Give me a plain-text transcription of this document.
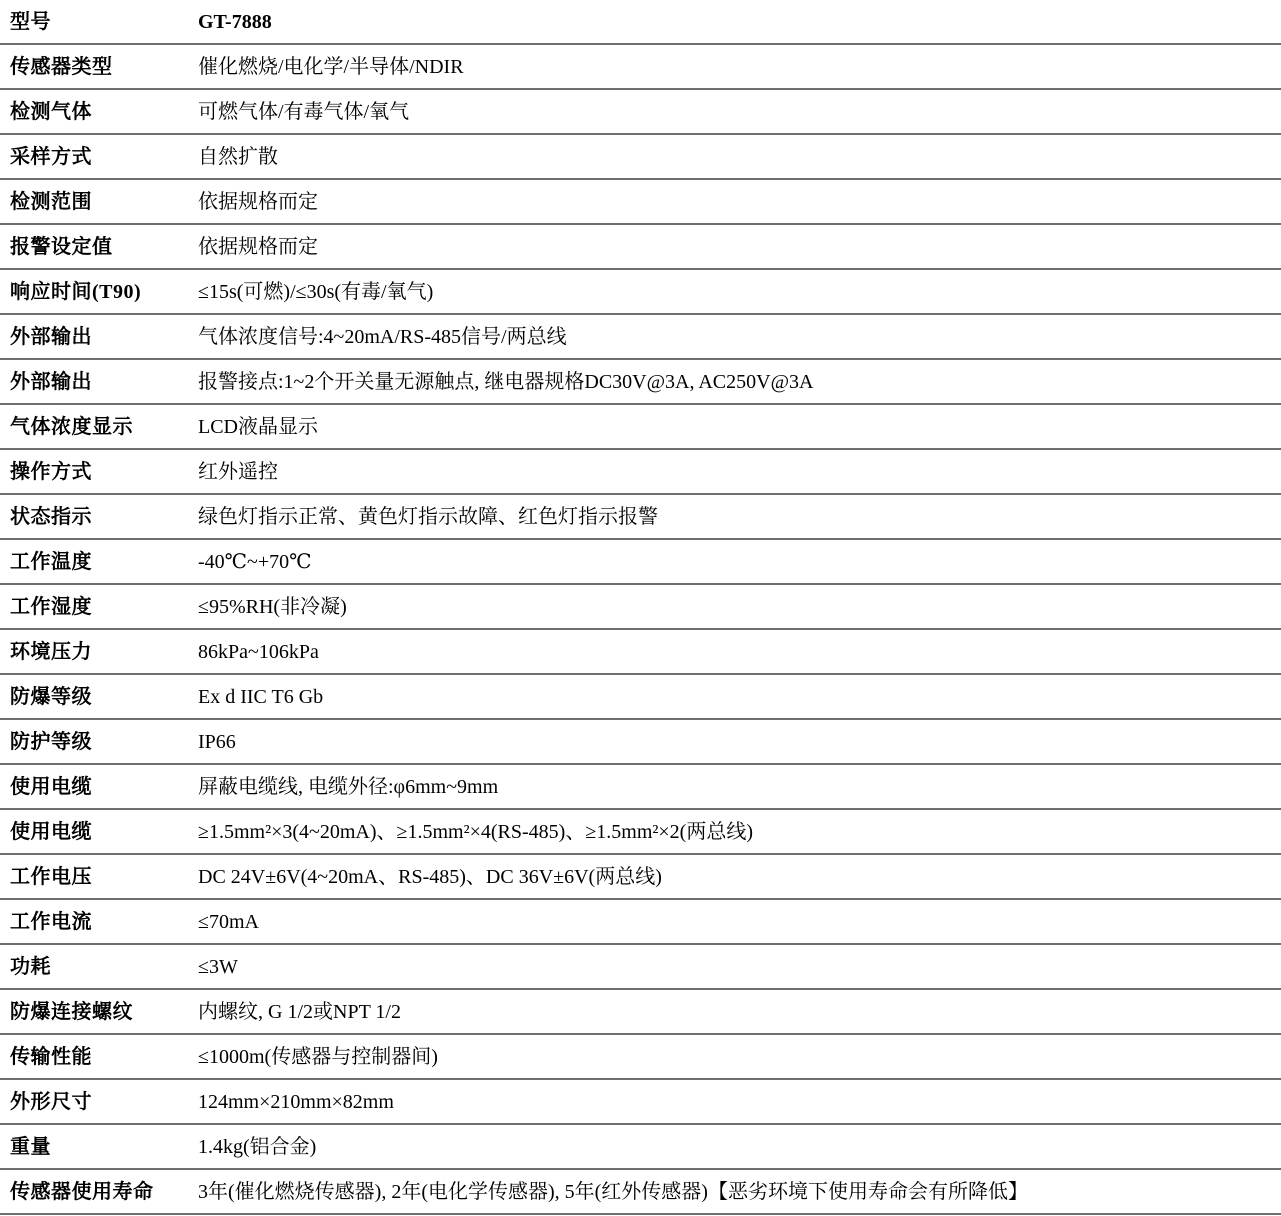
型号	GT-7888
传感器类型	催化燃烧/电化学/半导体/NDIR
检测气体	可燃气体/有毒气体/氧气
采样方式	自然扩散
检测范围	依据规格而定
报警设定值	依据规格而定
响应时间(T90)	≤15s(可燃)/≤30s(有毒/氧气)
外部输出	气体浓度信号:4~20mA/RS-485信号/两总线
外部输出	报警接点:1~2个开关量无源触点, 继电器规格DC30V@3A, AC250V@3A
气体浓度显示	LCD液晶显示
操作方式	红外遥控
状态指示	绿色灯指示正常、黄色灯指示故障、红色灯指示报警
工作温度	-40℃~+70℃
工作湿度	≤95%RH(非冷凝)
环境压力	86kPa~106kPa
防爆等级	Ex d IIC T6 Gb
防护等级	IP66
使用电缆	屏蔽电缆线, 电缆外径:φ6mm~9mm
使用电缆	≥1.5mm²×3(4~20mA)、≥1.5mm²×4(RS-485)、≥1.5mm²×2(两总线)
工作电压	DC 24V±6V(4~20mA、RS-485)、DC 36V±6V(两总线)
工作电流	≤70mA
功耗	≤3W
防爆连接螺纹	内螺纹, G 1/2或NPT 1/2
传输性能	≤1000m(传感器与控制器间)
外形尺寸	124mm×210mm×82mm
重量	1.4kg(铝合金)
传感器使用寿命	3年(催化燃烧传感器), 2年(电化学传感器), 5年(红外传感器)【恶劣环境下使用寿命会有所降低】
